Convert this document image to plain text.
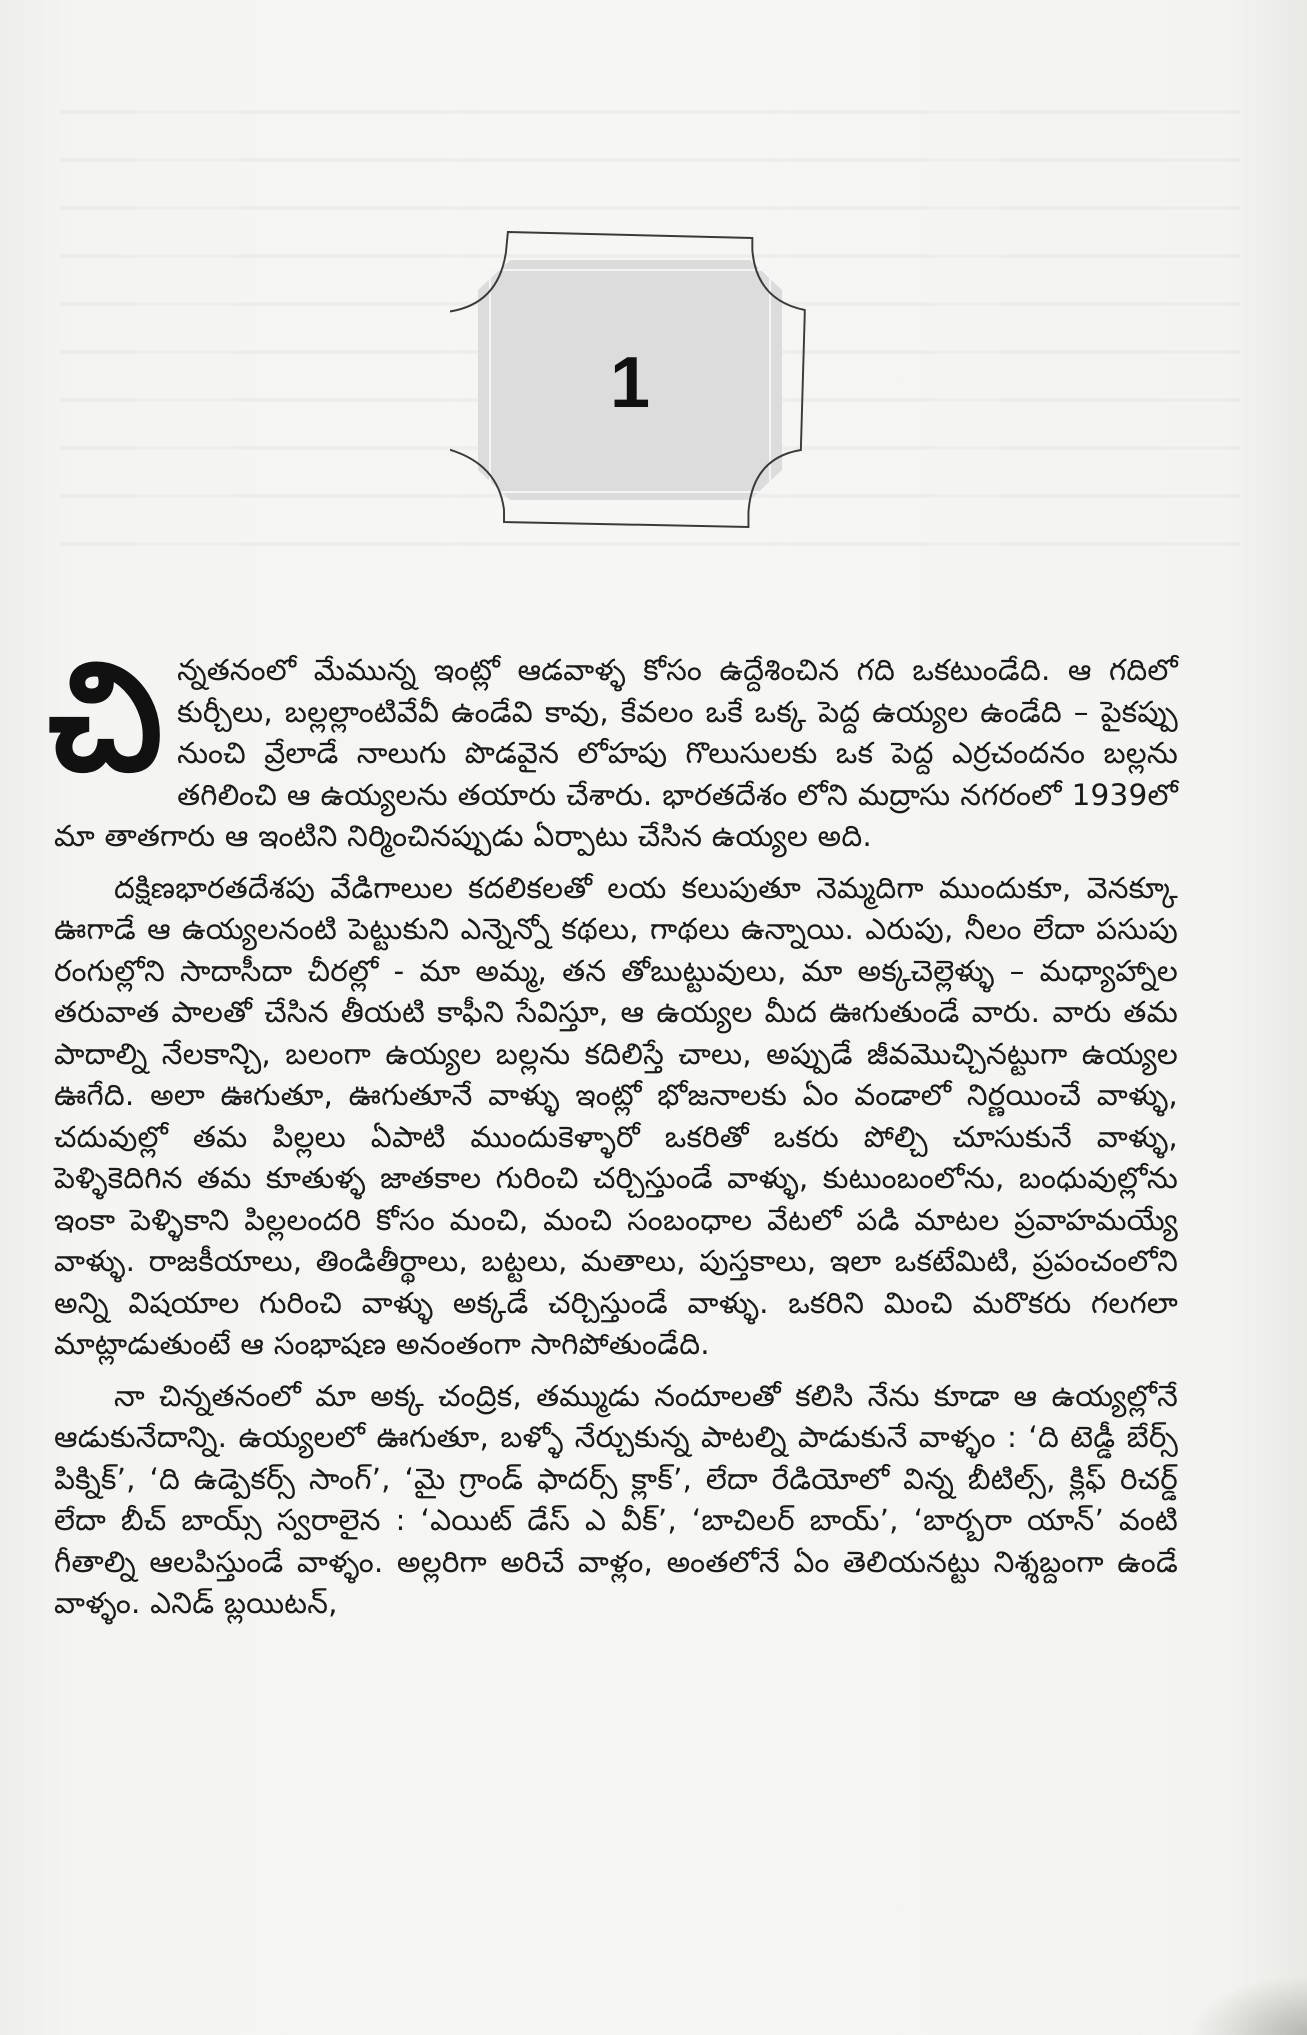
1

చిన్నతనంలో మేమున్న ఇంట్లో ఆడవాళ్ళ కోసం ఉద్దేశించిన గది ఒకటుండేది. ఆ గదిలో కుర్చీలు, బల్లల్లాంటివేవీ ఉండేవి కావు, కేవలం ఒకే ఒక్క పెద్ద ఉయ్యల ఉండేది – పైకప్పు నుంచి వ్రేలాడే నాలుగు పొడవైన లోహపు గొలుసులకు ఒక పెద్ద ఎర్రచందనం బల్లను తగిలించి ఆ ఉయ్యలను తయారు చేశారు. భారతదేశం లోని మద్రాసు నగరంలో 1939లో మా తాతగారు ఆ ఇంటిని నిర్మించినప్పుడు ఏర్పాటు చేసిన ఉయ్యల అది.

దక్షిణభారతదేశపు వేడిగాలుల కదలికలతో లయ కలుపుతూ నెమ్మదిగా ముందుకూ, వెనక్కూ ఊగాడే ఆ ఉయ్యలనంటి పెట్టుకుని ఎన్నెన్నో కథలు, గాథలు ఉన్నాయి. ఎరుపు, నీలం లేదా పసుపు రంగుల్లోని సాదాసీదా చీరల్లో - మా అమ్మ, తన తోబుట్టువులు, మా అక్కచెల్లెళ్ళు – మధ్యాహ్నాల తరువాత పాలతో చేసిన తీయటి కాఫీని సేవిస్తూ, ఆ ఉయ్యల మీద ఊగుతుండే వారు. వారు తమ పాదాల్ని నేలకాన్చి, బలంగా ఉయ్యల బల్లను కదిలిస్తే చాలు, అప్పుడే జీవమొచ్చినట్టుగా ఉయ్యల ఊగేది. అలా ఊగుతూ, ఊగుతూనే వాళ్ళు ఇంట్లో భోజనాలకు ఏం వండాలో నిర్ణయించే వాళ్ళు, చదువుల్లో తమ పిల్లలు ఏపాటి ముందుకెళ్ళారో ఒకరితో ఒకరు పోల్చి చూసుకునే వాళ్ళు, పెళ్ళికెదిగిన తమ కూతుళ్ళ జాతకాల గురించి చర్చిస్తుండే వాళ్ళు, కుటుంబంలోను, బంధువుల్లోను ఇంకా పెళ్ళికాని పిల్లలందరి కోసం మంచి, మంచి సంబంధాల వేటలో పడి మాటల ప్రవాహమయ్యే వాళ్ళు. రాజకీయాలు, తిండితీర్థాలు, బట్టలు, మతాలు, పుస్తకాలు, ఇలా ఒకటేమిటి, ప్రపంచంలోని అన్ని విషయాల గురించి వాళ్ళు అక్కడే చర్చిస్తుండే వాళ్ళు. ఒకరిని మించి మరొకరు గలగలా మాట్లాడుతుంటే ఆ సంభాషణ అనంతంగా సాగిపోతుండేది.

నా చిన్నతనంలో మా అక్క చంద్రిక, తమ్ముడు నందూలతో కలిసి నేను కూడా ఆ ఉయ్యల్లోనే ఆడుకునేదాన్ని. ఉయ్యలలో ఊగుతూ, బళ్ళో నేర్చుకున్న పాటల్ని పాడుకునే వాళ్ళం : ‘ది టెడ్డీ బేర్స్ పిక్నిక్’, ‘ది ఉడ్పెకర్స్ సాంగ్’, ‘మై గ్రాండ్ ఫాదర్స్ క్లాక్’, లేదా రేడియోలో విన్న బీటిల్స్, క్లిఫ్ రిచర్డ్ లేదా బీచ్ బాయ్స్ స్వరాలైన : ‘ఎయిట్ డేస్ ఎ వీక్’, ‘బాచిలర్ బాయ్’, ‘బార్బరా యాన్’ వంటి గీతాల్ని ఆలపిస్తుండే వాళ్ళం. అల్లరిగా అరిచే వాళ్లం, అంతలోనే ఏం తెలియనట్టు నిశ్శబ్దంగా ఉండే వాళ్ళం. ఎనిడ్ బ్లయిటన్,
